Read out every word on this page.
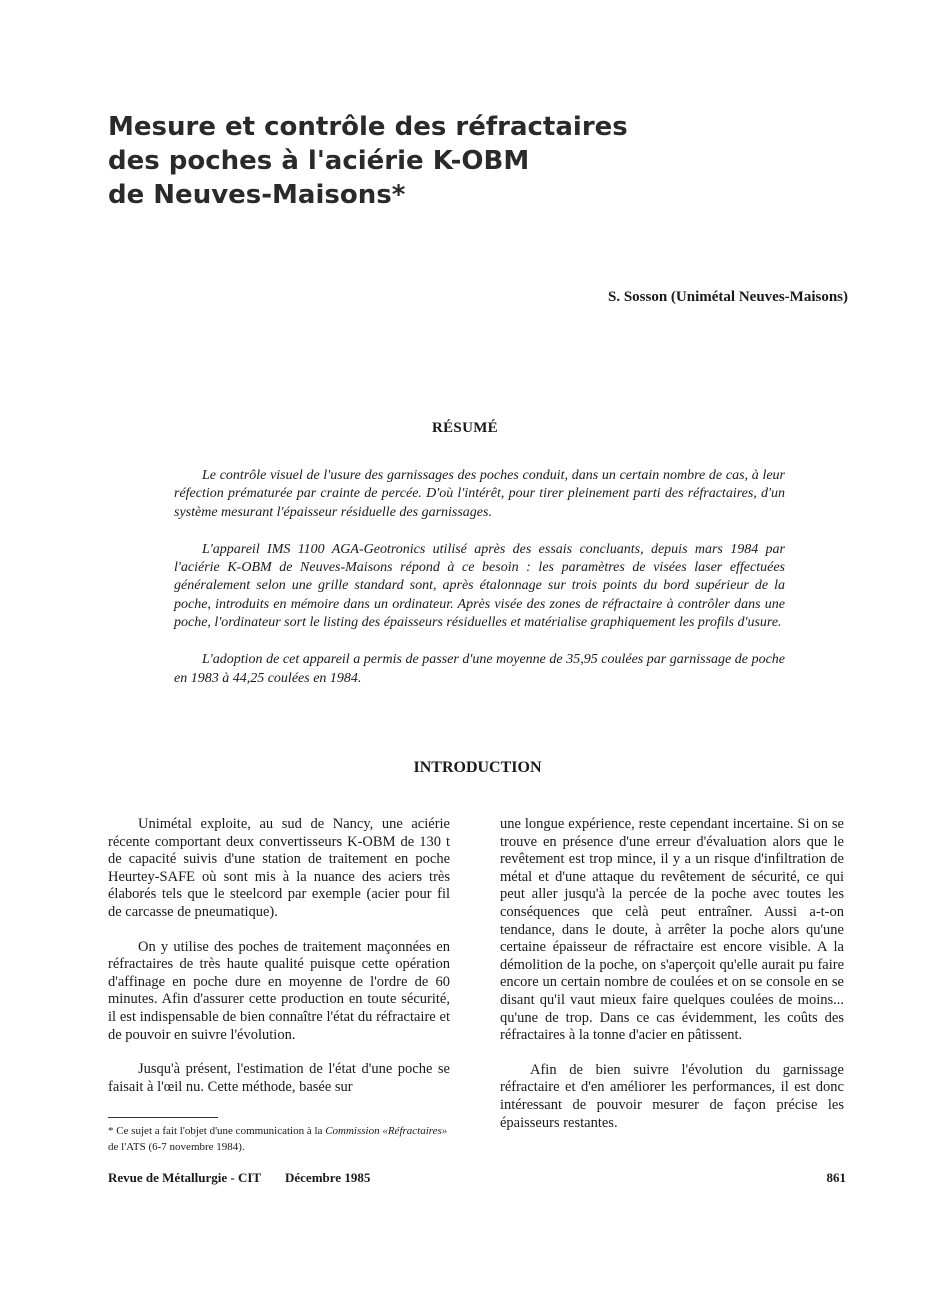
Mesure et contrôle des réfractaires
des poches à l'aciérie K-OBM
de Neuves-Maisons*
S. Sosson (Unimétal Neuves-Maisons)
RÉSUMÉ

Le contrôle visuel de l'usure des garnissages des poches conduit, dans un certain nombre de cas, à leur réfection prématurée par crainte de percée. D'où l'intérêt, pour tirer pleinement parti des réfractaires, d'un système mesurant l'épaisseur résiduelle des garnissages.

L'appareil IMS 1100 AGA-Geotronics utilisé après des essais concluants, depuis mars 1984 par l'aciérie K-OBM de Neuves-Maisons répond à ce besoin : les paramètres de visées laser effectuées généralement selon une grille standard sont, après étalonnage sur trois points du bord supérieur de la poche, introduits en mémoire dans un ordinateur. Après visée des zones de réfractaire à contrôler dans une poche, l'ordinateur sort le listing des épaisseurs résiduelles et matérialise graphiquement les profils d'usure.

L'adoption de cet appareil a permis de passer d'une moyenne de 35,95 coulées par garnissage de poche en 1983 à 44,25 coulées en 1984.

INTRODUCTION

Unimétal exploite, au sud de Nancy, une aciérie récente comportant deux convertisseurs K-OBM de 130 t de capacité suivis d'une station de traitement en poche Heurtey-SAFE où sont mis à la nuance des aciers très élaborés tels que le steelcord par exemple (acier pour fil de carcasse de pneumatique).

On y utilise des poches de traitement maçonnées en réfractaires de très haute qualité puisque cette opération d'affinage en poche dure en moyenne de l'ordre de 60 minutes. Afin d'assurer cette production en toute sécurité, il est indispensable de bien connaître l'état du réfractaire et de pouvoir en suivre l'évolution.

Jusqu'à présent, l'estimation de l'état d'une poche se faisait à l'œil nu. Cette méthode, basée sur

une longue expérience, reste cependant incertaine. Si on se trouve en présence d'une erreur d'évaluation alors que le revêtement est trop mince, il y a un risque d'infiltration de métal et d'une attaque du revêtement de sécurité, ce qui peut aller jusqu'à la percée de la poche avec toutes les conséquences que celà peut entraîner. Aussi a-t-on tendance, dans le doute, à arrêter la poche alors qu'une certaine épaisseur de réfractaire est encore visible. A la démolition de la poche, on s'aperçoit qu'elle aurait pu faire encore un certain nombre de coulées et on se console en se disant qu'il vaut mieux faire quelques coulées de moins... qu'une de trop. Dans ce cas évidemment, les coûts des réfractaires à la tonne d'acier en pâtissent.

Afin de bien suivre l'évolution du garnissage réfractaire et d'en améliorer les performances, il est donc intéressant de pouvoir mesurer de façon précise les épaisseurs restantes.

* Ce sujet a fait l'objet d'une communication à la Commission «Réfractaires» de l'ATS (6-7 novembre 1984).
Revue de Métallurgie - CIT Décembre 1985	861
